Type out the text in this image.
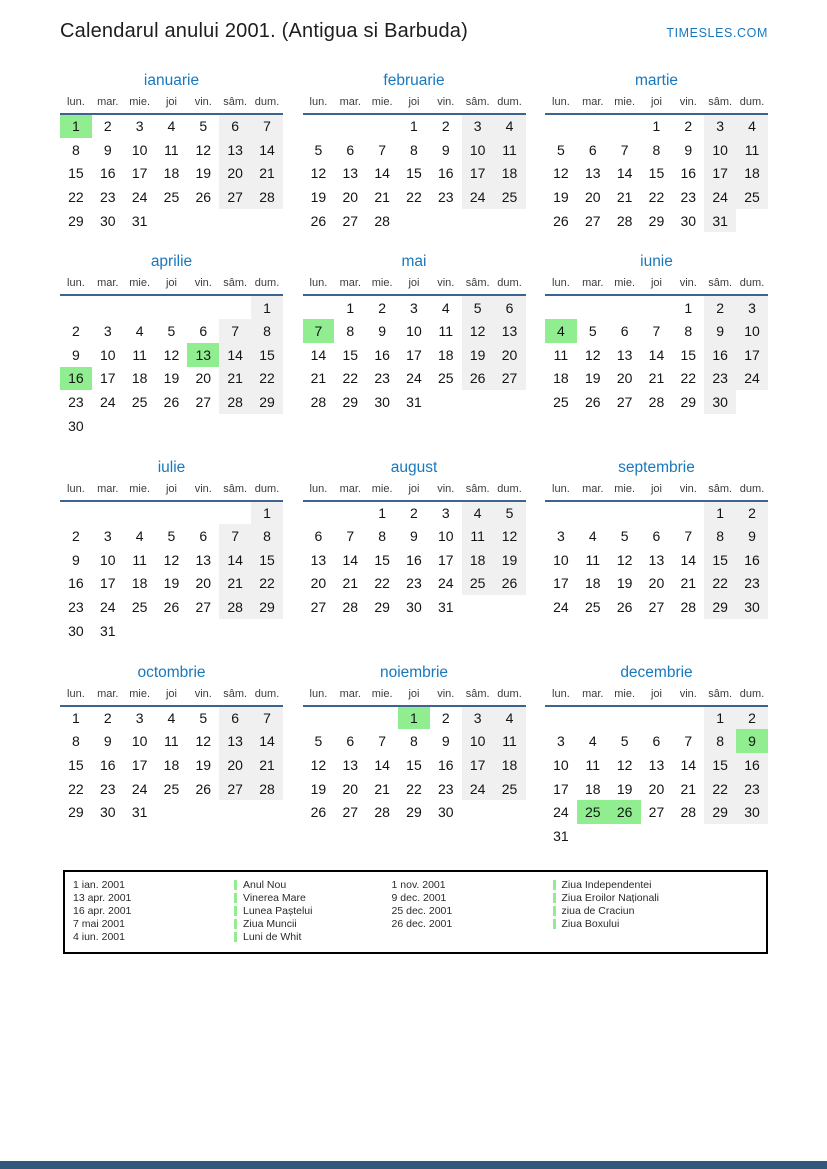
Calendarul anului 2001. (Antigua si Barbuda)	TIMESLES.COM
ianuarie
lun.	mar.	mie.	joi	vin.	sâm.	dum.
1	2	3	4	5	6	7
8	9	10	11	12	13	14
15	16	17	18	19	20	21
22	23	24	25	26	27	28
29	30	31				
februarie
lun.	mar.	mie.	joi	vin.	sâm.	dum.
			1	2	3	4
5	6	7	8	9	10	11
12	13	14	15	16	17	18
19	20	21	22	23	24	25
26	27	28				
martie
lun.	mar.	mie.	joi	vin.	sâm.	dum.
			1	2	3	4
5	6	7	8	9	10	11
12	13	14	15	16	17	18
19	20	21	22	23	24	25
26	27	28	29	30	31	
aprilie
lun.	mar.	mie.	joi	vin.	sâm.	dum.
						1
2	3	4	5	6	7	8
9	10	11	12	13	14	15
16	17	18	19	20	21	22
23	24	25	26	27	28	29
30						
mai
lun.	mar.	mie.	joi	vin.	sâm.	dum.
	1	2	3	4	5	6
7	8	9	10	11	12	13
14	15	16	17	18	19	20
21	22	23	24	25	26	27
28	29	30	31			
iunie
lun.	mar.	mie.	joi	vin.	sâm.	dum.
				1	2	3
4	5	6	7	8	9	10
11	12	13	14	15	16	17
18	19	20	21	22	23	24
25	26	27	28	29	30	
iulie
lun.	mar.	mie.	joi	vin.	sâm.	dum.
						1
2	3	4	5	6	7	8
9	10	11	12	13	14	15
16	17	18	19	20	21	22
23	24	25	26	27	28	29
30	31					
august
lun.	mar.	mie.	joi	vin.	sâm.	dum.
		1	2	3	4	5
6	7	8	9	10	11	12
13	14	15	16	17	18	19
20	21	22	23	24	25	26
27	28	29	30	31		
septembrie
lun.	mar.	mie.	joi	vin.	sâm.	dum.
					1	2
3	4	5	6	7	8	9
10	11	12	13	14	15	16
17	18	19	20	21	22	23
24	25	26	27	28	29	30
octombrie
lun.	mar.	mie.	joi	vin.	sâm.	dum.
1	2	3	4	5	6	7
8	9	10	11	12	13	14
15	16	17	18	19	20	21
22	23	24	25	26	27	28
29	30	31				
noiembrie
lun.	mar.	mie.	joi	vin.	sâm.	dum.
			1	2	3	4
5	6	7	8	9	10	11
12	13	14	15	16	17	18
19	20	21	22	23	24	25
26	27	28	29	30		
decembrie
lun.	mar.	mie.	joi	vin.	sâm.	dum.
					1	2
3	4	5	6	7	8	9
10	11	12	13	14	15	16
17	18	19	20	21	22	23
24	25	26	27	28	29	30
31						
1 ian. 2001	Anul Nou
13 apr. 2001	Vinerea Mare
16 apr. 2001	Lunea Paștelui
7 mai 2001	Ziua Muncii
4 iun. 2001	Luni de Whit
1 nov. 2001	Ziua Independentei
9 dec. 2001	Ziua Eroilor Naționali
25 dec. 2001	ziua de Craciun
26 dec. 2001	Ziua Boxului
